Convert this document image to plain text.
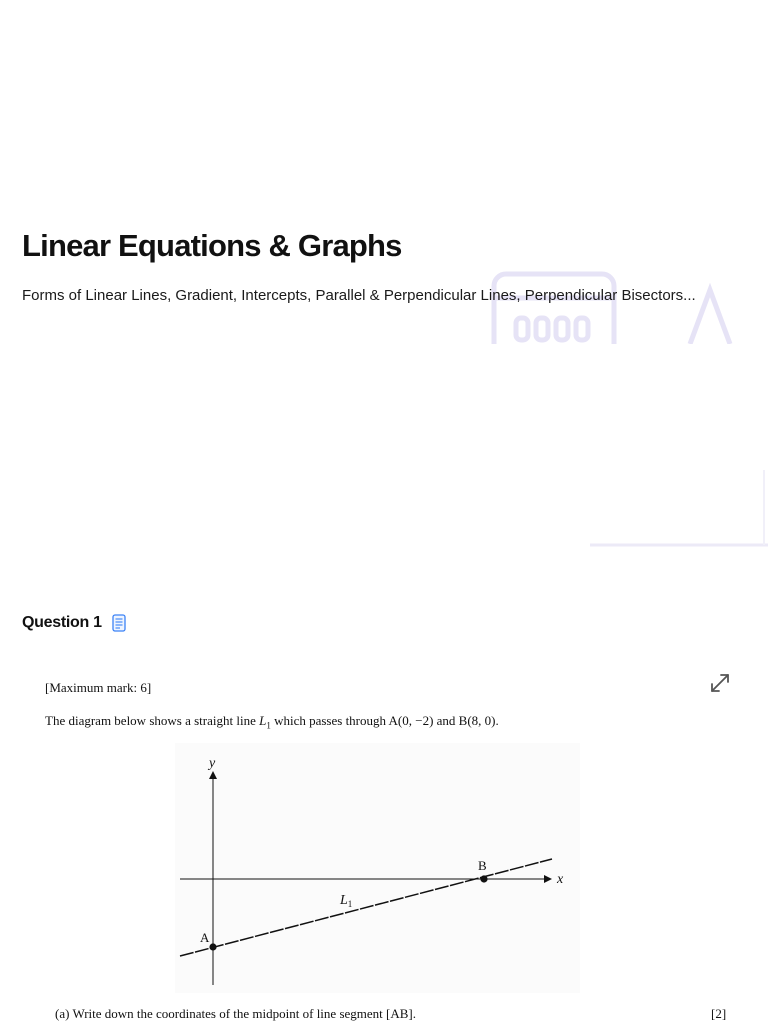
Linear Equations & Graphs

Forms of Linear Lines, Gradient, Intercepts, Parallel & Perpendicular Lines, Perpendicular Bisectors...

Question 1
[Maximum mark: 6]
The diagram below shows a straight line $L_1$ which passes through A(0, −2) and B(8, 0).
y
x
B
A
$L_1$
(a) Write down the coordinates of the midpoint of line segment [AB].	[2]
